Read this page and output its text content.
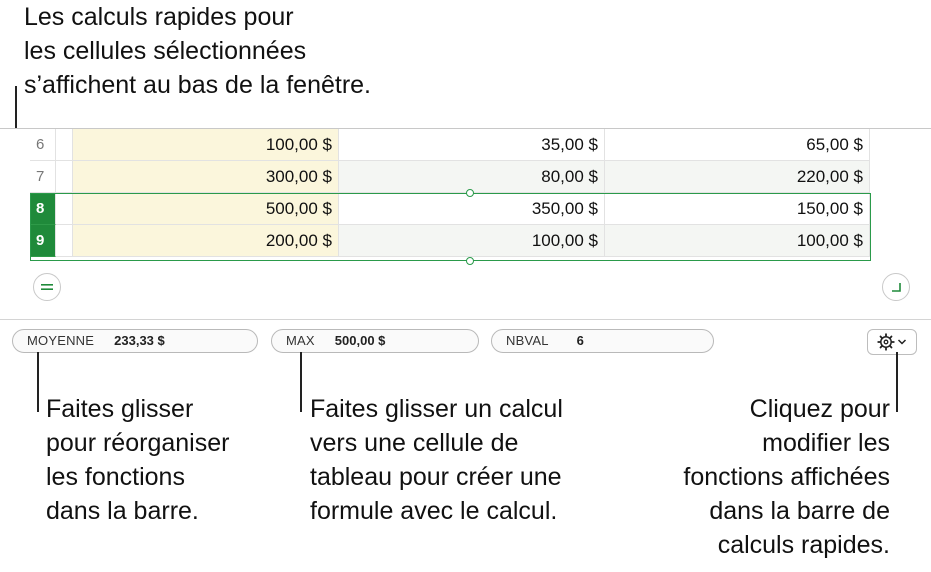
Les calculs rapides pour
les cellules sélectionnées
s’affichent au bas de la fenêtre.
6	100,00 $	35,00 $	65,00 $
7	300,00 $	80,00 $	220,00 $
8	500,00 $	350,00 $	150,00 $
9	200,00 $	100,00 $	100,00 $
MOYENNE 233,33 $	MAX 500,00 $	NBVAL 6
Faites glisser
pour réorganiser
les fonctions
dans la barre.
Faites glisser un calcul
vers une cellule de
tableau pour créer une
formule avec le calcul.
Cliquez pour
modifier les
fonctions affichées
dans la barre de
calculs rapides.
